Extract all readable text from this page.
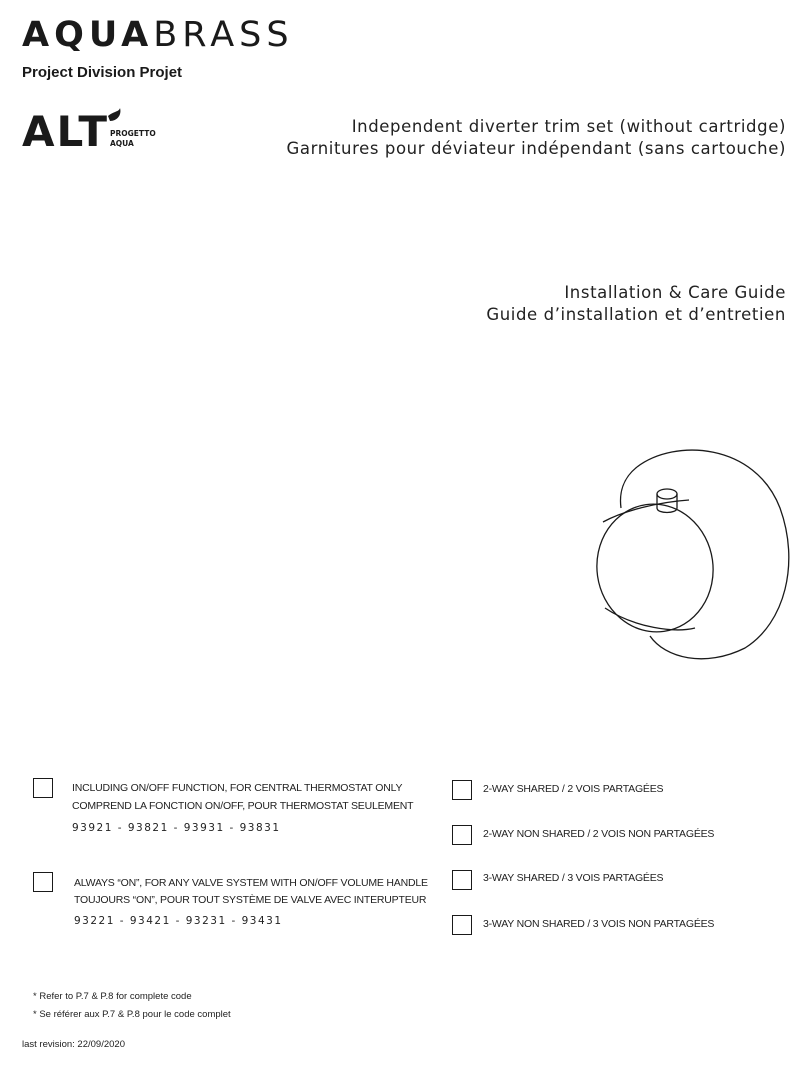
AQUABRASS
Project Division Projet
ALT PROGETTO
AQUA
Independent diverter trim set (without cartridge)
Garnitures pour déviateur indépendant (sans cartouche)
Installation & Care Guide
Guide d’installation et d’entretien
INCLUDING ON/OFF FUNCTION, FOR CENTRAL THERMOSTAT ONLY
COMPREND LA FONCTION ON/OFF, POUR THERMOSTAT SEULEMENT
93921 - 93821 - 93931 - 93831
ALWAYS “ON”, FOR ANY VALVE SYSTEM WITH ON/OFF VOLUME HANDLE
TOUJOURS “ON”, POUR TOUT SYSTÈME DE VALVE AVEC INTERUPTEUR
93221 - 93421 - 93231 - 93431
2-WAY SHARED / 2 VOIS PARTAGÉES
2-WAY NON SHARED / 2 VOIS NON PARTAGÉES
3-WAY SHARED / 3 VOIS PARTAGÉES
3-WAY NON SHARED / 3 VOIS NON PARTAGÉES
* Refer to P.7 & P.8 for complete code
* Se référer aux P.7 & P.8 pour le code complet
last revision: 22/09/2020
